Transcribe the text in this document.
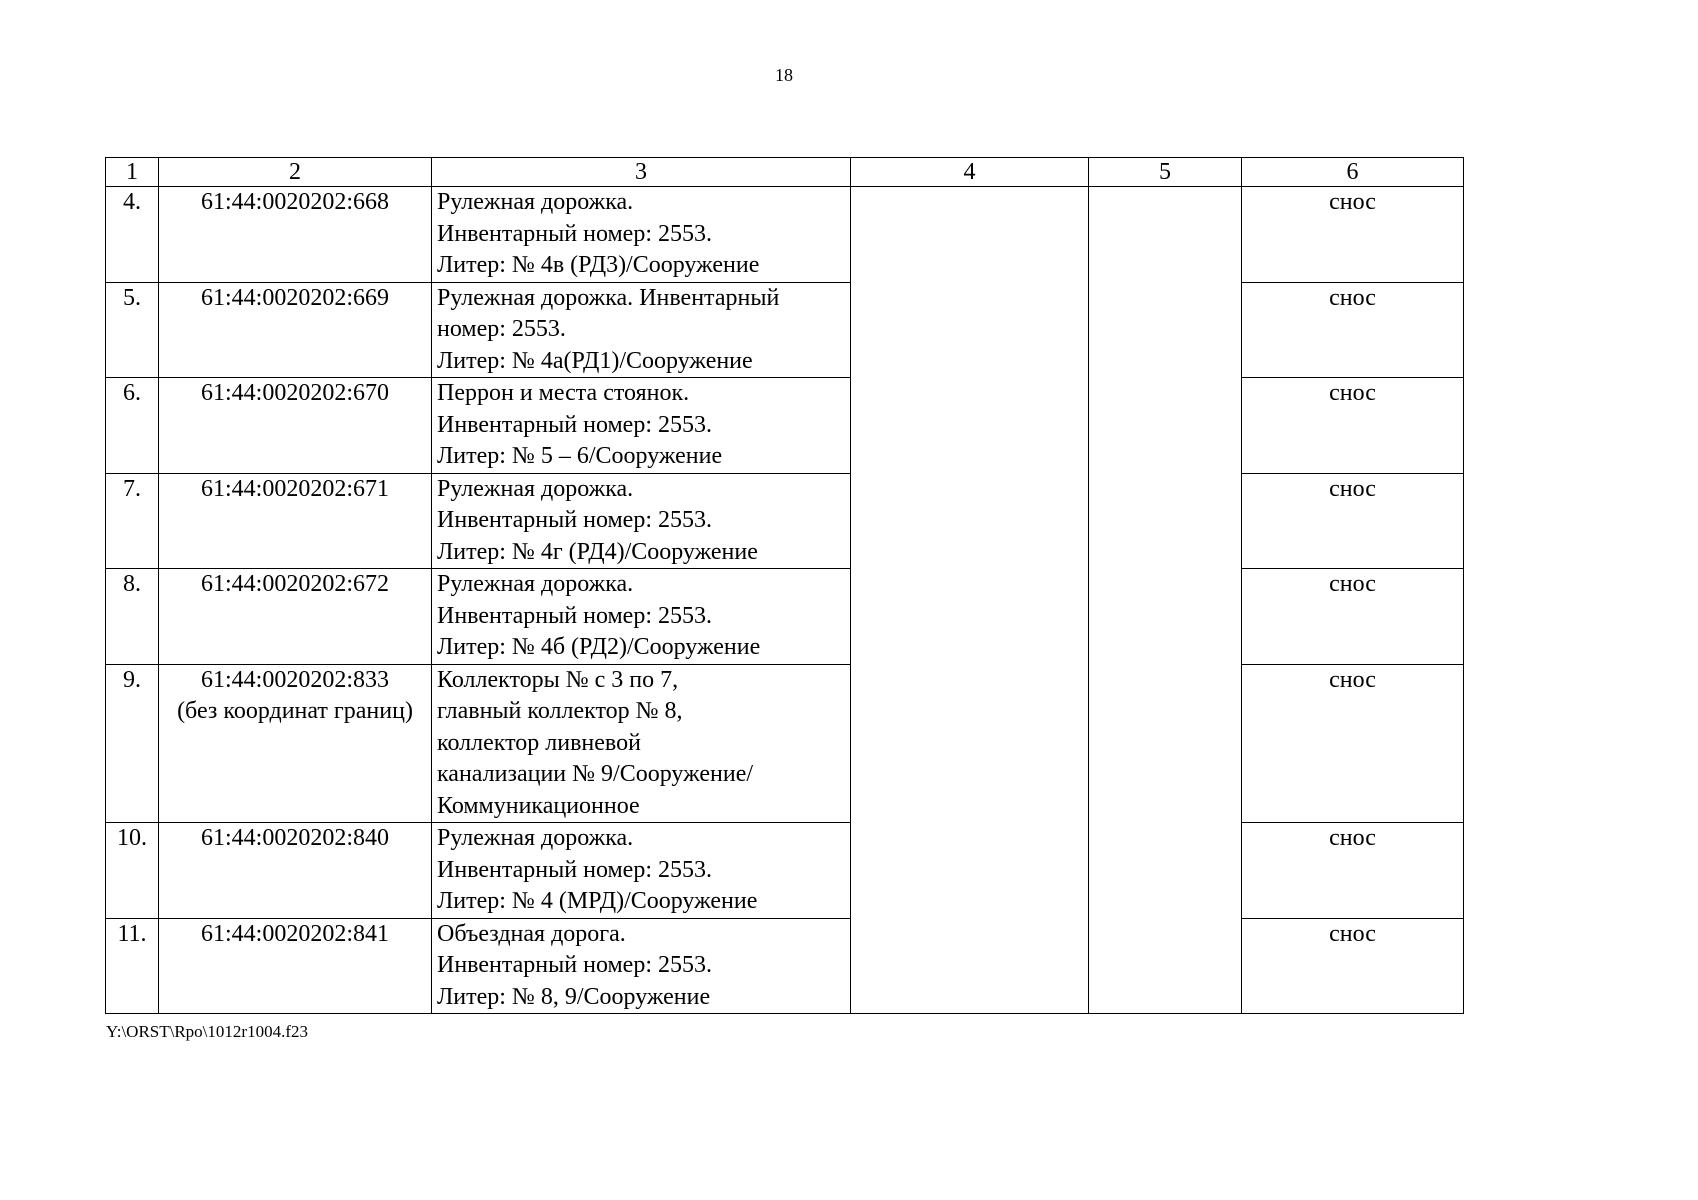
18
1	2	3	4	5	6
4.	61:44:0020202:668	Рулежная дорожка.
Инвентарный номер: 2553.
Литер: № 4в (РД3)/Сооружение			снос
5.	61:44:0020202:669	Рулежная дорожка. Инвентарный
номер: 2553.
Литер: № 4а(РД1)/Сооружение			снос
6.	61:44:0020202:670	Перрон и места стоянок.
Инвентарный номер: 2553.
Литер: № 5 – 6/Сооружение			снос
7.	61:44:0020202:671	Рулежная дорожка.
Инвентарный номер: 2553.
Литер: № 4г (РД4)/Сооружение			снос
8.	61:44:0020202:672	Рулежная дорожка.
Инвентарный номер: 2553.
Литер: № 4б (РД2)/Сооружение			снос
9.	61:44:0020202:833
(без координат границ)	Коллекторы № с 3 по 7,
главный коллектор № 8,
коллектор ливневой
канализации № 9/Сооружение/
Коммуникационное			снос
10.	61:44:0020202:840	Рулежная дорожка.
Инвентарный номер: 2553.
Литер: № 4 (МРД)/Сооружение			снос
11.	61:44:0020202:841	Объездная дорога.
Инвентарный номер: 2553.
Литер: № 8, 9/Сооружение			снос
Y:\ORST\Rpo\1012r1004.f23
